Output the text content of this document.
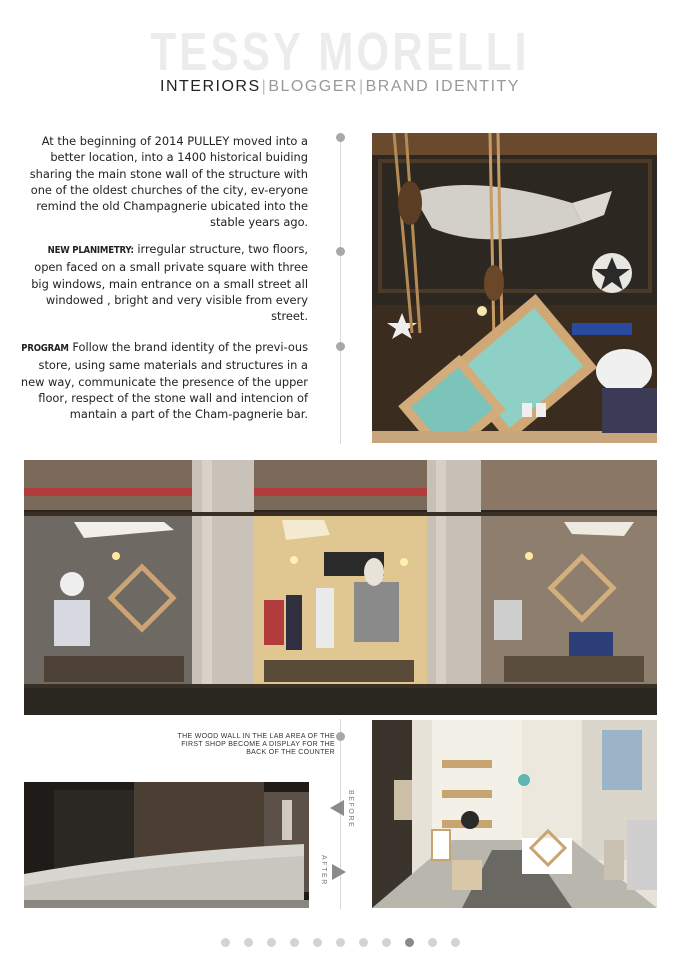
TESSY MORELLI
INTERIORS|BLOGGER|BRAND IDENTITY

At the beginning of 2014 PULLEY moved into a better location, into a 1400 historical buiding sharing the main stone wall of the structure with one of the oldest churches of the city, ev-eryone remind the old Champagnerie ubicated into the stable years ago.

NEW PLANIMETRY: irregular structure, two floors, open faced on a small private square with three big windows, main entrance on a small street all windowed , bright and very visible from every street.

PROGRAM Follow the brand identity of the previ-ous store, using same materials and structures in a new way, communicate the presence of the upper floor, respect of the stone wall and intencion of mantain a part of the Cham-pagnerie bar.

THE WOOD WALL IN THE LAB AREA OF THE FIRST SHOP BECOME A DISPLAY FOR THE BACK OF THE COUNTER
BEFORE
AFTER
